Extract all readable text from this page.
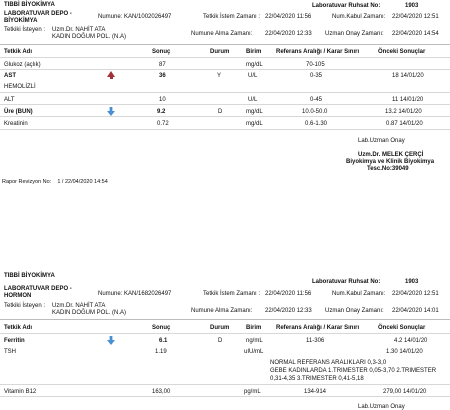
TIBBİ BİYOKİMYA	Laboratuvar Ruhsat No:	1903
LABORATUVAR DEPO -
BİYOKİMYA
Numune: KAN/1002026497	Tetkik İstem Zamanı : 22/04/2020 11:56	Num.Kabul Zamanı: 22/04/2020 12:51
Tetkiki İsteyen : Uzm.Dr. NAHİT ATA
KADIN DOĞUM POL. (N.A)	Numune Alma Zamanı: 22/04/2020 12:33 Uzman Onay Zamanı: 22/04/2020 14:54
Tetkik Adı	Sonuç	Durum	Birim Referans Aralığı / Karar Sınırı	Önceki Sonuçlar
Glukoz (açlık)	87	mg/dL	70-105
AST	36	Y	U/L	0-35	18 14/01/20
HEMOLİZLİ
ALT	10	U/L	0-45	11 14/01/20
Üre (BUN)	9.2	D	mg/dL	10.0-50.0	13.2 14/01/20
Kreatinin	0.72	mg/dL	0.6-1.30	0.87 14/01/20
Lab.Uzman Onay
Uzm.Dr. MELEK ÇERÇİ
Biyokimya ve Klinik Biyokimya
Tesc.No:39049
Rapor Revizyon No:    1 / 22/04/2020 14:54
TIBBİ BİYOKİMYA
Laboratuvar Ruhsat No:	1903
LABORATUVAR DEPO -
HORMON	Numune: KAN/1682026497	Tetkik İstem Zamanı : 22/04/2020 11:56	Num.Kabul Zamanı: 22/04/2020 12:51
Tetkiki İsteyen : Uzm.Dr. NAHİT ATA
KADIN DOĞUM POL. (N.A)	Numune Alma Zamanı: 22/04/2020 12:33 Uzman Onay Zamanı: 22/04/2020 14:01
Tetkik Adı	Sonuç	Durum	Birim Referans Aralığı / Karar Sınırı	Önceki Sonuçlar
Ferritin	6.1	D	ng/mL	11-306	4.2 14/01/20
TSH	1.19	uIU/mL	1.30 14/01/20
NORMAL REFERANS ARALIKLARI 0,3-3,0
GEBE KADINLARDA 1.TRIMESTER 0,05-3,70 2.TRIMESTER
0,31-4,35 3.TRIMESTER 0,41-5,18
Vitamin B12	163,00	pg/mL	134-914	279,00 14/01/20
Lab.Uzman Onay
